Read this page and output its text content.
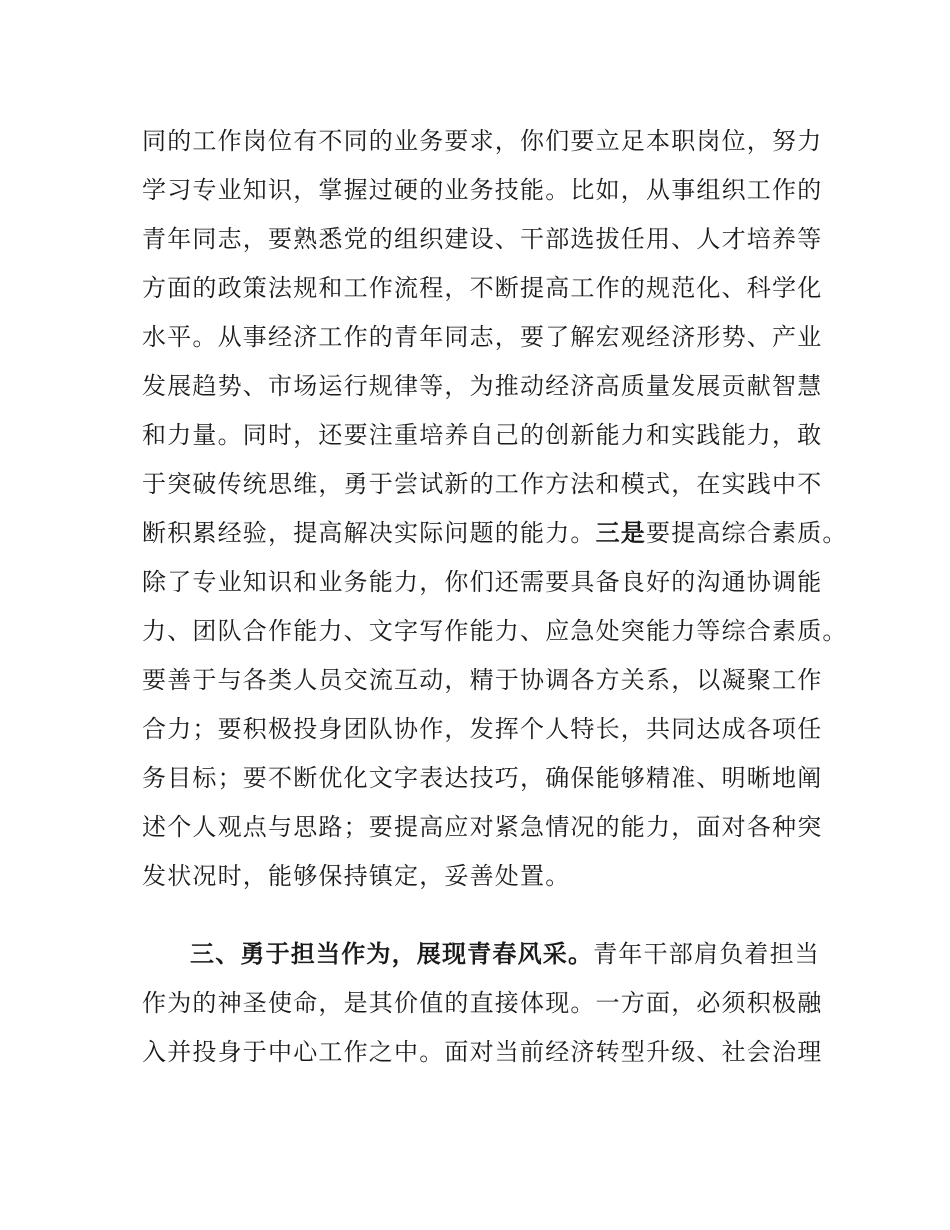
同的工作岗位有不同的业务要求，你们要立足本职岗位，努力
学习专业知识，掌握过硬的业务技能。比如，从事组织工作的
青年同志，要熟悉党的组织建设、干部选拔任用、人才培养等
方面的政策法规和工作流程，不断提高工作的规范化、科学化
水平。从事经济工作的青年同志，要了解宏观经济形势、产业
发展趋势、市场运行规律等，为推动经济高质量发展贡献智慧
和力量。同时，还要注重培养自己的创新能力和实践能力，敢
于突破传统思维，勇于尝试新的工作方法和模式，在实践中不
断积累经验，提高解决实际问题的能力。三是要提高综合素质。
除了专业知识和业务能力，你们还需要具备良好的沟通协调能
力、团队合作能力、文字写作能力、应急处突能力等综合素质。
要善于与各类人员交流互动，精于协调各方关系，以凝聚工作
合力；要积极投身团队协作，发挥个人特长，共同达成各项任
务目标；要不断优化文字表达技巧，确保能够精准、明晰地阐
述个人观点与思路；要提高应对紧急情况的能力，面对各种突
发状况时，能够保持镇定，妥善处置。
三、勇于担当作为，展现青春风采。青年干部肩负着担当
作为的神圣使命，是其价值的直接体现。一方面，必须积极融
入并投身于中心工作之中。面对当前经济转型升级、社会治理
